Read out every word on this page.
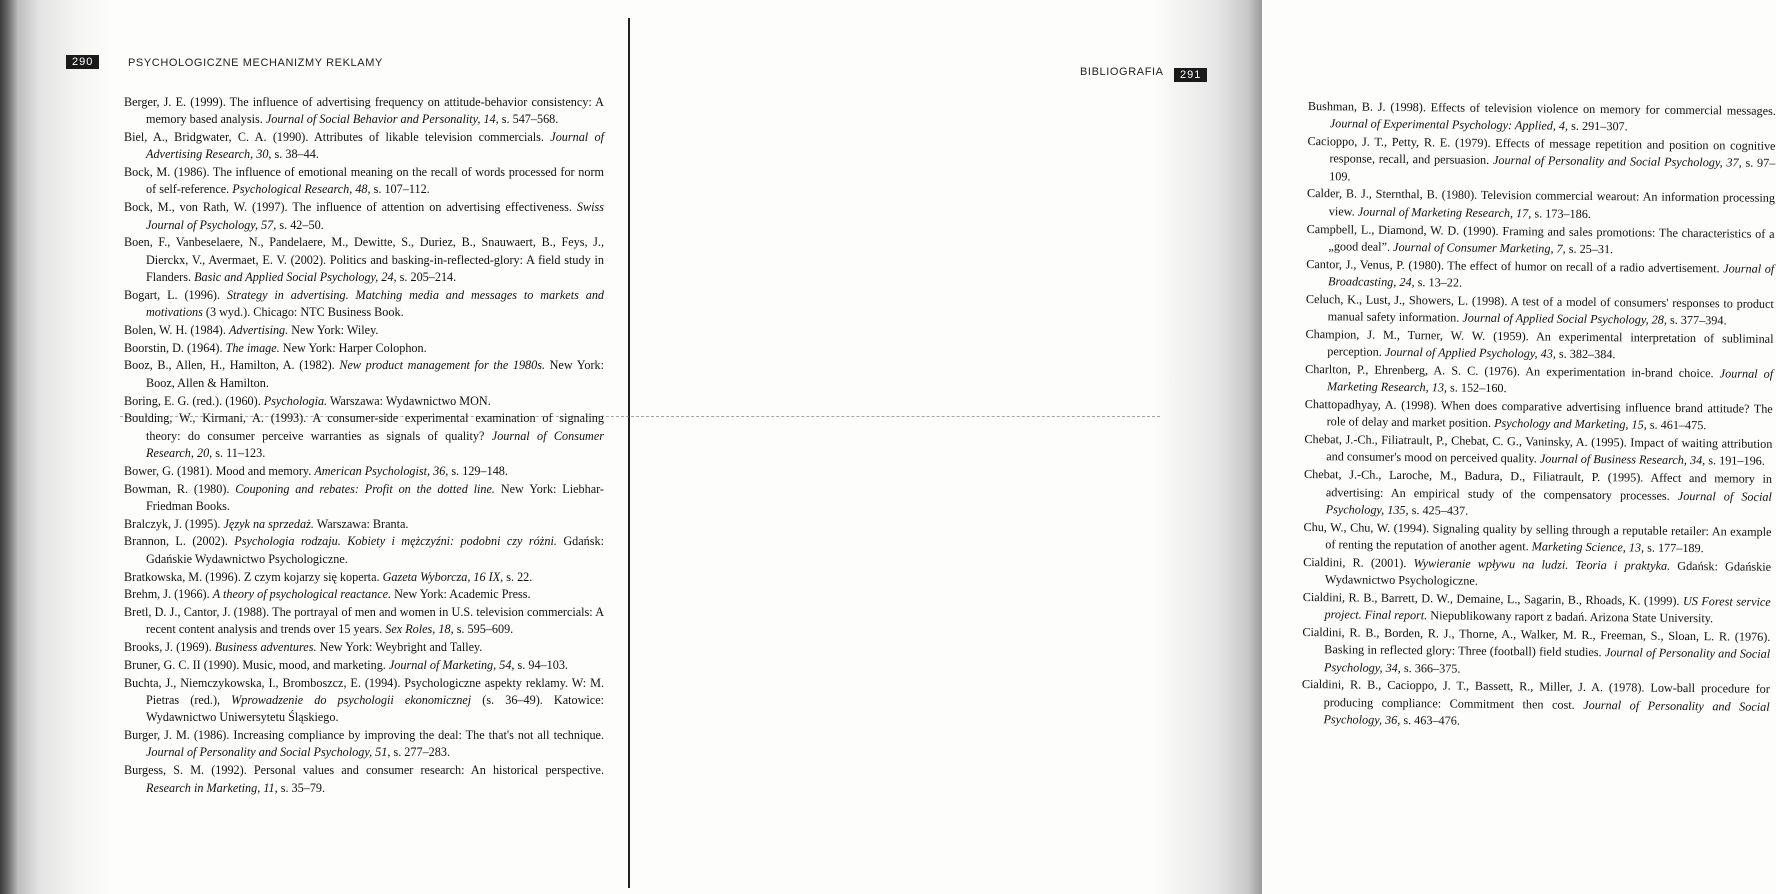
290	PSYCHOLOGICZNE MECHANIZMY REKLAMY
Berger, J. E. (1999). The influence of advertising frequency on attitude-behavior consistency: A memory based analysis. Journal of Social Behavior and Personality, 14, s. 547–568.
Biel, A., Bridgwater, C. A. (1990). Attributes of likable television commercials. Journal of Advertising Research, 30, s. 38–44.
Bock, M. (1986). The influence of emotional meaning on the recall of words processed for norm of self-reference. Psychological Research, 48, s. 107–112.
Bock, M., von Rath, W. (1997). The influence of attention on advertising effectiveness. Swiss Journal of Psychology, 57, s. 42–50.
Boen, F., Vanbeselaere, N., Pandelaere, M., Dewitte, S., Duriez, B., Snauwaert, B., Feys, J., Dierckx, V., Avermaet, E. V. (2002). Politics and basking-in-reflected-glory: A field study in Flanders. Basic and Applied Social Psychology, 24, s. 205–214.
Bogart, L. (1996). Strategy in advertising. Matching media and messages to markets and motivations (3 wyd.). Chicago: NTC Business Book.
Bolen, W. H. (1984). Advertising. New York: Wiley.
Boorstin, D. (1964). The image. New York: Harper Colophon.
Booz, B., Allen, H., Hamilton, A. (1982). New product management for the 1980s. New York: Booz, Allen & Hamilton.
Boring, E. G. (red.). (1960). Psychologia. Warszawa: Wydawnictwo MON.
Boulding, W., Kirmani, A. (1993). A consumer-side experimental examination of signaling theory: do consumer perceive warranties as signals of quality? Journal of Consumer Research, 20, s. 11–123.
Bower, G. (1981). Mood and memory. American Psychologist, 36, s. 129–148.
Bowman, R. (1980). Couponing and rebates: Profit on the dotted line. New York: Liebhar-Friedman Books.
Bralczyk, J. (1995). Język na sprzedaż. Warszawa: Branta.
Brannon, L. (2002). Psychologia rodzaju. Kobiety i mężczyźni: podobni czy różni. Gdańsk: Gdańskie Wydawnictwo Psychologiczne.
Bratkowska, M. (1996). Z czym kojarzy się koperta. Gazeta Wyborcza, 16 IX, s. 22.
Brehm, J. (1966). A theory of psychological reactance. New York: Academic Press.
Bretl, D. J., Cantor, J. (1988). The portrayal of men and women in U.S. television commercials: A recent content analysis and trends over 15 years. Sex Roles, 18, s. 595–609.
Brooks, J. (1969). Business adventures. New York: Weybright and Talley.
Bruner, G. C. II (1990). Music, mood, and marketing. Journal of Marketing, 54, s. 94–103.
Buchta, J., Niemczykowska, I., Bromboszcz, E. (1994). Psychologiczne aspekty reklamy. W: M. Pietras (red.), Wprowadzenie do psychologii ekonomicznej (s. 36–49). Katowice: Wydawnictwo Uniwersytetu Śląskiego.
Burger, J. M. (1986). Increasing compliance by improving the deal: The that's not all technique. Journal of Personality and Social Psychology, 51, s. 277–283.
Burgess, S. M. (1992). Personal values and consumer research: An historical perspective. Research in Marketing, 11, s. 35–79.
BIBLIOGRAFIA	291
Bushman, B. J. (1998). Effects of television violence on memory for commercial messages. Journal of Experimental Psychology: Applied, 4, s. 291–307.
Cacioppo, J. T., Petty, R. E. (1979). Effects of message repetition and position on cognitive response, recall, and persuasion. Journal of Personality and Social Psychology, 37, s. 97–109.
Calder, B. J., Sternthal, B. (1980). Television commercial wearout: An information processing view. Journal of Marketing Research, 17, s. 173–186.
Campbell, L., Diamond, W. D. (1990). Framing and sales promotions: The characteristics of a „good deal”. Journal of Consumer Marketing, 7, s. 25–31.
Cantor, J., Venus, P. (1980). The effect of humor on recall of a radio advertisement. Journal of Broadcasting, 24, s. 13–22.
Celuch, K., Lust, J., Showers, L. (1998). A test of a model of consumers' responses to product manual safety information. Journal of Applied Social Psychology, 28, s. 377–394.
Champion, J. M., Turner, W. W. (1959). An experimental interpretation of subliminal perception. Journal of Applied Psychology, 43, s. 382–384.
Charlton, P., Ehrenberg, A. S. C. (1976). An experimentation in-brand choice. Journal of Marketing Research, 13, s. 152–160.
Chattopadhyay, A. (1998). When does comparative advertising influence brand attitude? The role of delay and market position. Psychology and Marketing, 15, s. 461–475.
Chebat, J.-Ch., Filiatrault, P., Chebat, C. G., Vaninsky, A. (1995). Impact of waiting attribution and consumer's mood on perceived quality. Journal of Business Research, 34, s. 191–196.
Chebat, J.-Ch., Laroche, M., Badura, D., Filiatrault, P. (1995). Affect and memory in advertising: An empirical study of the compensatory processes. Journal of Social Psychology, 135, s. 425–437.
Chu, W., Chu, W. (1994). Signaling quality by selling through a reputable retailer: An example of renting the reputation of another agent. Marketing Science, 13, s. 177–189.
Cialdini, R. (2001). Wywieranie wpływu na ludzi. Teoria i praktyka. Gdańsk: Gdańskie Wydawnictwo Psychologiczne.
Cialdini, R. B., Barrett, D. W., Demaine, L., Sagarin, B., Rhoads, K. (1999). US Forest service project. Final report. Niepublikowany raport z badań. Arizona State University.
Cialdini, R. B., Borden, R. J., Thorne, A., Walker, M. R., Freeman, S., Sloan, L. R. (1976). Basking in reflected glory: Three (football) field studies. Journal of Personality and Social Psychology, 34, s. 366–375.
Cialdini, R. B., Cacioppo, J. T., Bassett, R., Miller, J. A. (1978). Low-ball procedure for producing compliance: Commitment then cost. Journal of Personality and Social Psychology, 36, s. 463–476.
